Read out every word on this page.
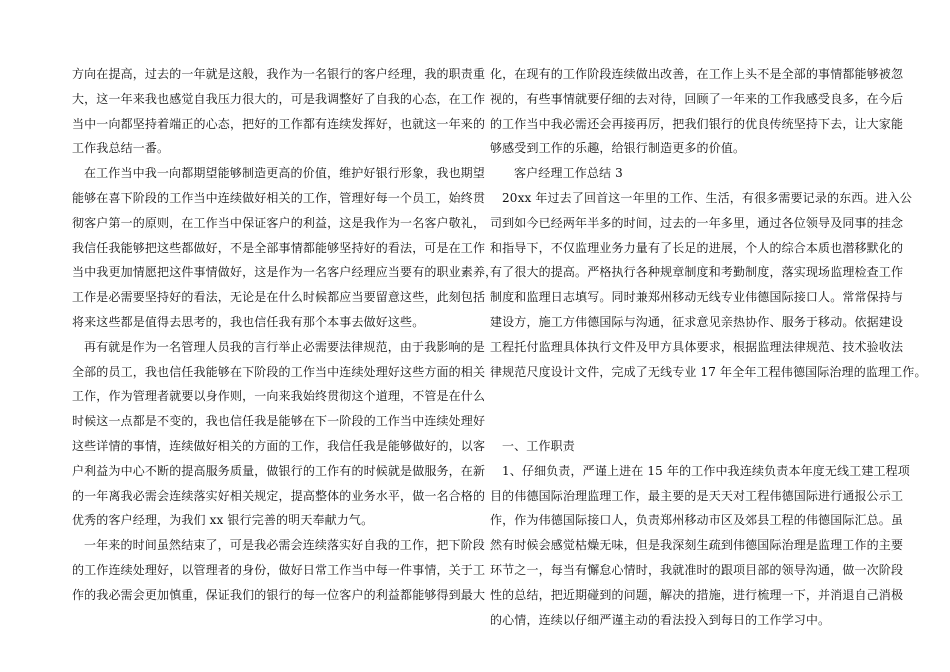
方向在提高，过去的一年就是这般，我作为一名银行的客户经理，我的职责重
大，这一年来我也感觉自我压力很大的，可是我调整好了自我的心态，在工作
当中一向都坚持着端正的心态，把好的工作都有连续发挥好，也就这一年来的
工作我总结一番。
在工作当中我一向都期望能够制造更高的价值，维护好银行形象，我也期望
能够在喜下阶段的工作当中连续做好相关的工作，管理好每一个员工，始终贯
彻客户第一的原则，在工作当中保证客户的利益，这是我作为一名客户敬礼，
我信任我能够把这些都做好，不是全部事情都能够坚持好的看法，可是在工作
当中我更加情愿把这件事情做好，这是作为一名客户经理应当要有的职业素养，
工作是必需要坚持好的看法，无论是在什么时候都应当要留意这些，此刻包括
将来这些都是值得去思考的，我也信任我有那个本事去做好这些。
再有就是作为一名管理人员我的言行举止必需要法律规范，由于我影响的是
全部的员工，我也信任我能够在下阶段的工作当中连续处理好这些方面的相关
工作，作为管理者就要以身作则，一向来我始终贯彻这个道理，不管是在什么
时候这一点都是不变的，我也信任我是能够在下一阶段的工作当中连续处理好
这些详情的事情，连续做好相关的方面的工作，我信任我是能够做好的，以客
户利益为中心不断的提高服务质量，做银行的工作有的时候就是做服务，在新
的一年离我必需会连续落实好相关规定，提高整体的业务水平，做一名合格的
优秀的客户经理，为我们 xx 银行完善的明天奉献力气。
一年来的时间虽然结束了，可是我必需会连续落实好自我的工作，把下阶段
的工作连续处理好，以管理者的身份，做好日常工作当中每一件事情，关于工
作的我必需会更加慎重，保证我们的银行的每一位客户的利益都能够得到最大
化，在现有的工作阶段连续做出改善，在工作上头不是全部的事情都能够被忽
视的，有些事情就要仔细的去对待，回顾了一年来的工作我感受良多，在今后
的工作当中我必需还会再接再厉，把我们银行的优良传统坚持下去，让大家能
够感受到工作的乐趣，给银行制造更多的价值。
客户经理工作总结 3
20xx 年过去了回首这一年里的工作、生活，有很多需要记录的东西。进入公
司到如今已经两年半多的时间，过去的一年多里，通过各位领导及同事的挂念
和指导下，不仅监理业务力量有了长足的进展，个人的综合本质也潜移默化的
有了很大的提高。严格执行各种规章制度和考勤制度，落实现场监理检查工作
制度和监理日志填写。同时兼郑州移动无线专业伟德国际接口人。常常保持与
建设方，施工方伟德国际与沟通，征求意见亲热协作、服务于移动。依据建设
工程托付监理具体执行文件及甲方具体要求，根据监理法律规范、技术验收法
律规范尺度设计文件，完成了无线专业 17 年全年工程伟德国际治理的监理工作。
一、工作职责
1、仔细负责，严谨上进在 15 年的工作中我连续负责本年度无线工建工程项
目的伟德国际治理监理工作，最主要的是天天对工程伟德国际进行通报公示工
作，作为伟德国际接口人，负责郑州移动市区及郊县工程的伟德国际汇总。虽
然有时候会感觉枯燥无味，但是我深刻生疏到伟德国际治理是监理工作的主要
环节之一，每当有懈怠心情时，我就准时的跟项目部的领导沟通，做一次阶段
性的总结，把近期碰到的问题，解决的措施，进行梳理一下，并消退自己消极
的心情，连续以仔细严谨主动的看法投入到每日的工作学习中。
